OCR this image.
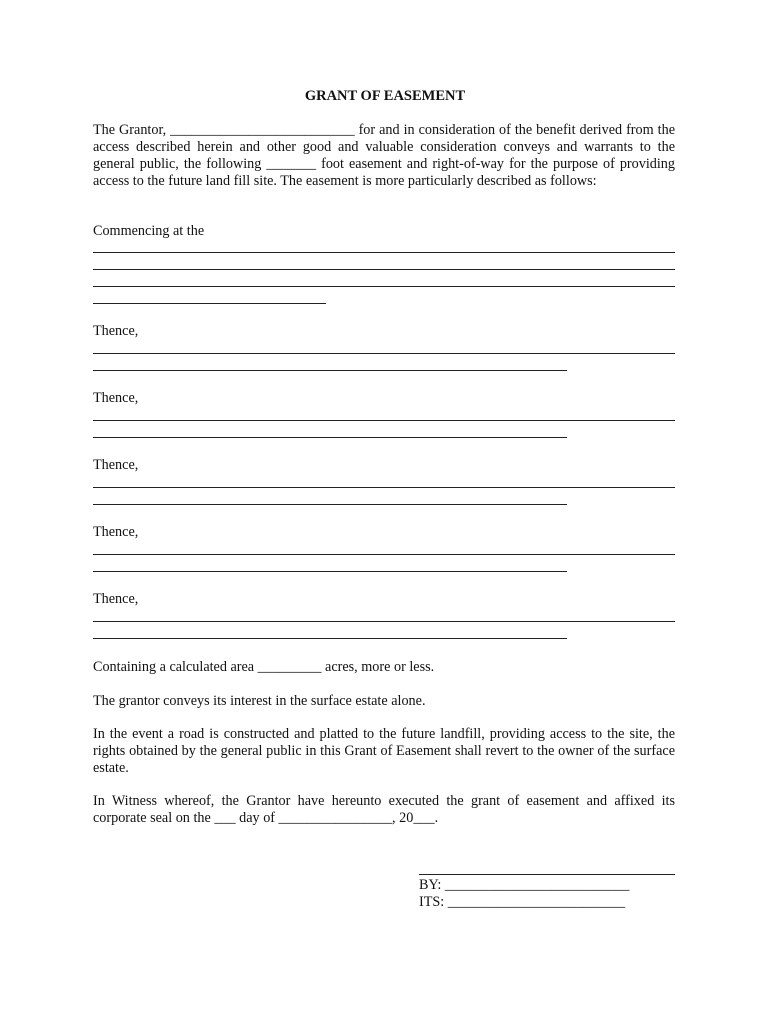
GRANT OF EASEMENT

The Grantor, __________________________ for and in consideration of the benefit derived from the access described herein and other good and valuable consideration conveys and warrants to the general public, the following _______ foot easement and right-of-way for the purpose of providing access to the future land fill site. The easement is more particularly described as follows:

Commencing at the

Thence,

Thence,

Thence,

Thence,

Thence,

Containing a calculated area _________ acres, more or less.

The grantor conveys its interest in the surface estate alone.

In the event a road is constructed and platted to the future landfill, providing access to the site, the rights obtained by the general public in this Grant of Easement shall revert to the owner of the surface estate.

In Witness whereof, the Grantor have hereunto executed the grant of easement and affixed its corporate seal on the ___ day of ________________, 20___.

BY: __________________________

ITS: _________________________
